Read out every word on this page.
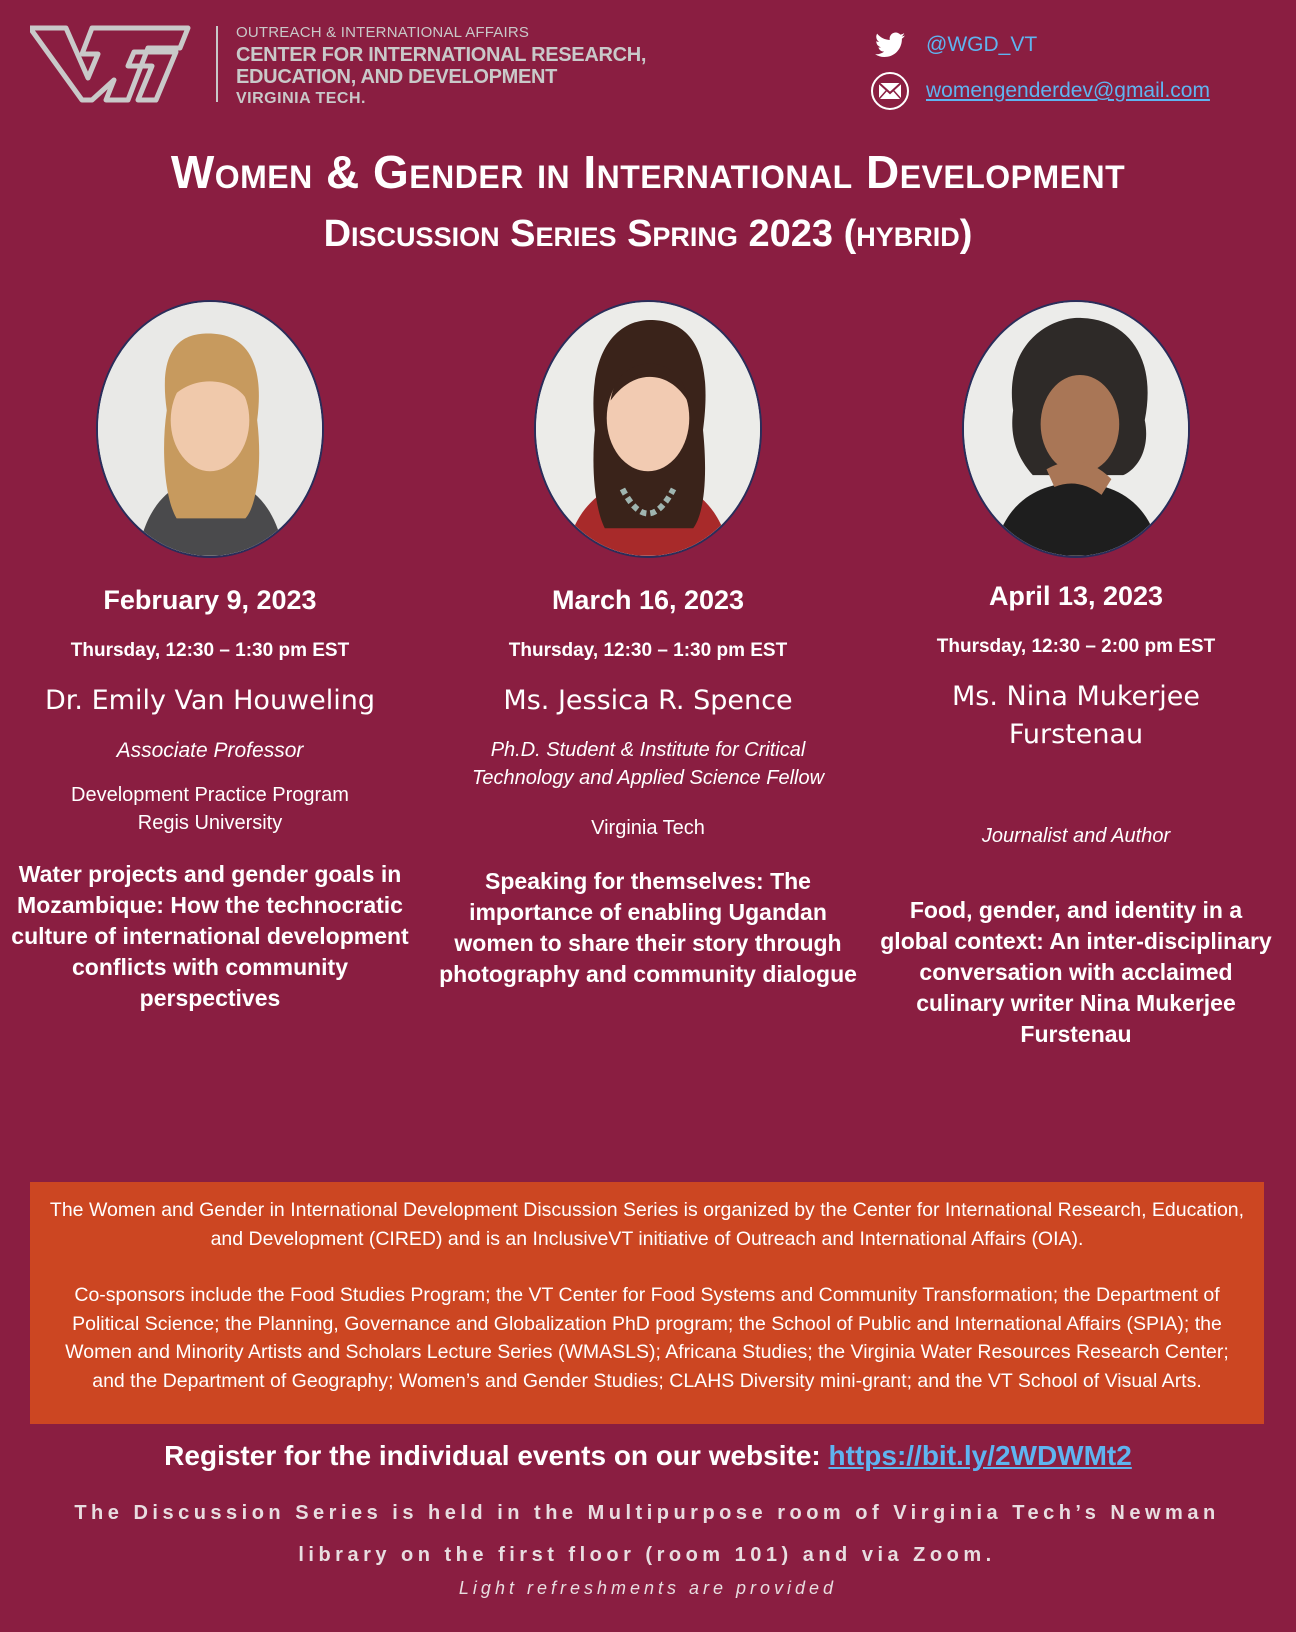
OUTREACH & INTERNATIONAL AFFAIRS
CENTER FOR INTERNATIONAL RESEARCH,
EDUCATION, AND DEVELOPMENT
VIRGINIA TECH.
@WGD_VT
womengenderdev@gmail.com
Women & Gender in International Development
Discussion Series Spring 2023 (hybrid)
February 9, 2023
Thursday, 12:30 – 1:30 pm EST
Dr. Emily Van Houweling
Associate Professor
Development Practice Program
Regis University
Water projects and gender goals in Mozambique: How the technocratic culture of international development conflicts with community perspectives
March 16, 2023
Thursday, 12:30 – 1:30 pm EST
Ms. Jessica R. Spence
Ph.D. Student & Institute for Critical Technology and Applied Science Fellow
Virginia Tech
Speaking for themselves: The importance of enabling Ugandan women to share their story through photography and community dialogue
April 13, 2023
Thursday, 12:30 – 2:00 pm EST
Ms. Nina Mukerjee Furstenau
Journalist and Author
Food, gender, and identity in a global context: An inter-disciplinary conversation with acclaimed culinary writer Nina Mukerjee Furstenau

The Women and Gender in International Development Discussion Series is organized by the Center for International Research, Education, and Development (CIRED) and is an InclusiveVT initiative of Outreach and International Affairs (OIA).

Co-sponsors include the Food Studies Program; the VT Center for Food Systems and Community Transformation; the Department of Political Science; the Planning, Governance and Globalization PhD program; the School of Public and International Affairs (SPIA); the Women and Minority Artists and Scholars Lecture Series (WMASLS); Africana Studies; the Virginia Water Resources Research Center; and the Department of Geography; Women’s and Gender Studies; CLAHS Diversity mini-grant; and the VT School of Visual Arts.

Register for the individual events on our website: https://bit.ly/2WDWMt2
The Discussion Series is held in the Multipurpose room of Virginia Tech’s Newman library on the first floor (room 101) and via Zoom.
Light refreshments are provided
